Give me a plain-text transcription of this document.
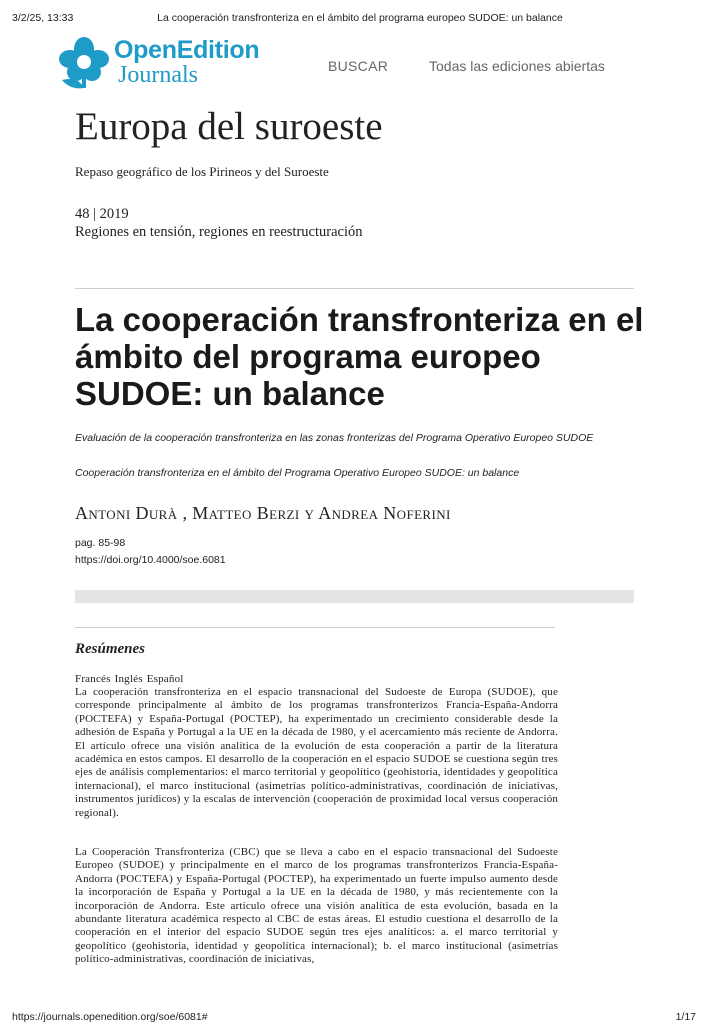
3/2/25, 13:33	La cooperación transfronteriza en el ámbito del programa europeo SUDOE: un balance
OpenEdition
Journals	BUSCAR	Todas las ediciones abiertas
Europa del suroeste
Repaso geográfico de los Pirineos y del Suroeste
48 | 2019
Regiones en tensión, regiones en reestructuración
La cooperación transfronteriza en el ámbito del programa europeo SUDOE: un balance
Evaluación de la cooperación transfronteriza en las zonas fronterizas del Programa Operativo Europeo SUDOE
Cooperación transfronteriza en el ámbito del Programa Operativo Europeo SUDOE: un balance
Antoni Durà , Matteo Berzi y Andrea Noferini
pag. 85-98
https://doi.org/10.4000/soe.6081
Resúmenes
Francés Inglés Español

La cooperación transfronteriza en el espacio transnacional del Sudoeste de Europa (SUDOE), que corresponde principalmente al ámbito de los programas transfronterizos Francia-España-Andorra (POCTEFA) y España-Portugal (POCTEP), ha experimentado un crecimiento considerable desde la adhesión de España y Portugal a la UE en la década de 1980, y el acercamiento más reciente de Andorra. El artículo ofrece una visión analítica de la evolución de esta cooperación a partir de la literatura académica en estos campos. El desarrollo de la cooperación en el espacio SUDOE se cuestiona según tres ejes de análisis complementarios: el marco territorial y geopolítico (geohistoria, identidades y geopolítica internacional), el marco institucional (asimetrías político-administrativas, coordinación de iniciativas, instrumentos jurídicos) y la escalas de intervención (cooperación de proximidad local versus cooperación regional).

La Cooperación Transfronteriza (CBC) que se lleva a cabo en el espacio transnacional del Sudoeste Europeo (SUDOE) y principalmente en el marco de los programas transfronterizos Francia-España-Andorra (POCTEFA) y España-Portugal (POCTEP), ha experimentado un fuerte impulso aumento desde la incorporación de España y Portugal a la UE en la década de 1980, y más recientemente con la incorporación de Andorra. Este artículo ofrece una visión analítica de esta evolución, basada en la abundante literatura académica respecto al CBC de estas áreas. El estudio cuestiona el desarrollo de la cooperación en el interior del espacio SUDOE según tres ejes analíticos: a. el marco territorial y geopolítico (geohistoria, identidad y geopolítica internacional); b. el marco institucional (asimetrías político-administrativas, coordinación de iniciativas,

https://journals.openedition.org/soe/6081#	1/17
